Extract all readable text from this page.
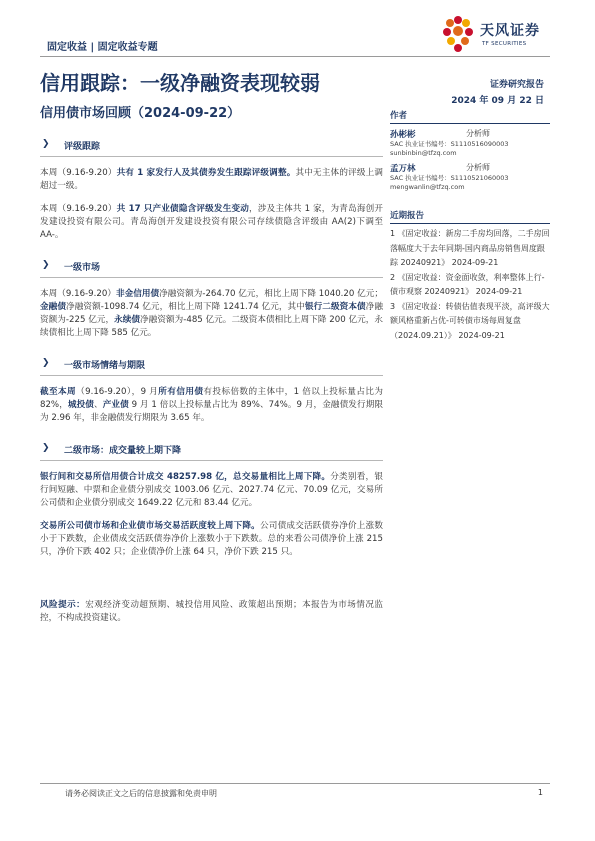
固定收益 | 固定收益专题
天风证券
TF SECURITIES
信用跟踪：一级净融资表现较弱
信用债市场回顾（2024-09-22）
证券研究报告
2024 年 09 月 22 日
❯ 评级跟踪

本周（9.16-9.20）共有 1 家发行人及其债券发生跟踪评级调整。其中无主体的评级上调超过一级。

本周（9.16-9.20）共 17 只产业债隐含评级发生变动，涉及主体共 1 家，为青岛海创开发建设投资有限公司。青岛海创开发建设投资有限公司存续债隐含评级由 AA(2)下调至 AA-。

❯ 一级市场

本周（9.16-9.20）非金信用债净融资额为-264.70 亿元，相比上周下降 1040.20 亿元；金融债净融资额-1098.74 亿元，相比上周下降 1241.74 亿元，其中银行二级资本债净融资额为-225 亿元，永续债净融资额为-485 亿元。二级资本债相比上周下降 200 亿元，永续债相比上周下降 585 亿元。

❯ 一级市场情绪与期限

截至本周（9.16-9.20），9 月所有信用债有投标倍数的主体中，1 倍以上投标量占比为 82%，城投债、产业债 9 月 1 倍以上投标量占比为 89%、74%。9 月，金融债发行期限为 2.96 年，非金融债发行期限为 3.65 年。

❯ 二级市场：成交量较上期下降

银行间和交易所信用债合计成交 48257.98 亿，总交易量相比上周下降。分类别看，银行间短融、中票和企业债分别成交 1003.06 亿元、2027.74 亿元、70.09 亿元，交易所公司债和企业债分别成交 1649.22 亿元和 83.44 亿元。

交易所公司债市场和企业债市场交易活跃度较上周下降。公司债成交活跃债券净价上涨数小于下跌数，企业债成交活跃债券净价上涨数小于下跌数。总的来看公司债净价上涨 215 只，净价下跌 402 只；企业债净价上涨 64 只，净价下跌 215 只。

风险提示：宏观经济变动超预期、城投信用风险、政策超出预期；本报告为市场情况监控，不构成投资建议。

作者
孙彬彬	分析师
SAC 执业证书编号：S1110516090003
sunbinbin@tfzq.com
孟万林	分析师
SAC 执业证书编号：S1110521060003
mengwanlin@tfzq.com
近期报告
1 《固定收益：新房二手房均回落，二手房回落幅度大于去年同期-国内商品房销售周度跟踪 20240921》 2024-09-21
2 《固定收益：资金面收敛，利率整体上行-债市观察 20240921》 2024-09-21
3 《固定收益：转债估值表现平淡，高评级大额风格重新占优-可转债市场每周复盘（2024.09.21）》 2024-09-21
请务必阅读正文之后的信息披露和免责申明	1
